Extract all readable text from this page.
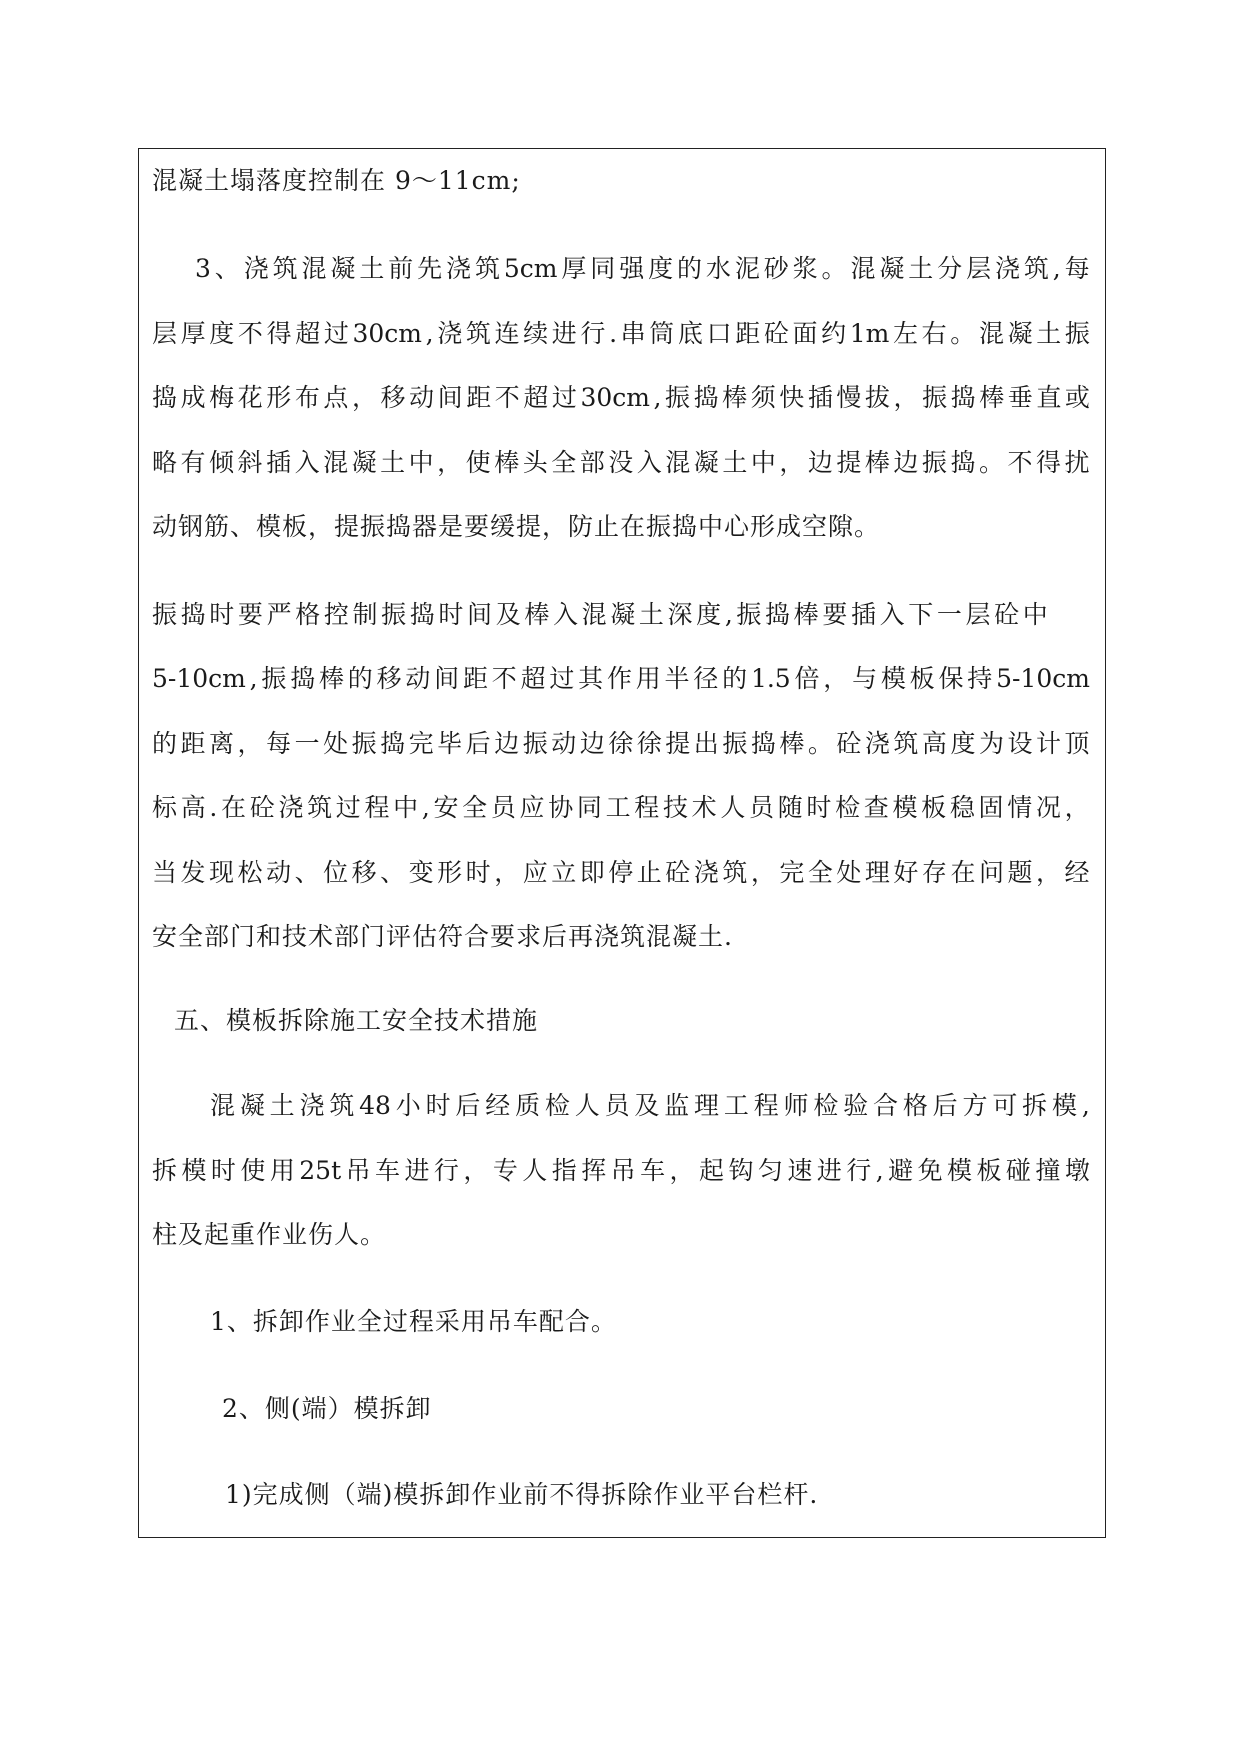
混凝土塌落度控制在 9～11cm;
3 、 浇 筑 混 凝 土 前 先 浇 筑 5cm 厚 同 强 度 的 水 泥 砂 浆 。 混 凝 土 分 层 浇 筑 , 每
层 厚 度 不 得 超 过 30cm , 浇 筑 连 续 进 行 . 串 筒 底 口 距 砼 面 约 1m 左 右 。 混 凝 土 振
捣 成 梅 花 形 布 点 ， 移 动 间 距 不 超 过 30cm , 振 捣 棒 须 快 插 慢 拔 ， 振 捣 棒 垂 直 或
略 有 倾 斜 插 入 混 凝 土 中 ， 使 棒 头 全 部 没 入 混 凝 土 中 ， 边 提 棒 边 振 捣 。 不 得 扰
动钢筋、模板，提振捣器是要缓提，防止在振捣中心形成空隙。
振 捣 时 要 严 格 控 制 振 捣 时 间 及 棒 入 混 凝 土 深 度 , 振 捣 棒 要 插 入 下 一 层 砼 中
5-10cm , 振 捣 棒 的 移 动 间 距 不 超 过 其 作 用 半 径 的 1.5 倍 ， 与 模 板 保 持 5-10cm
的 距 离 ， 每 一 处 振 捣 完 毕 后 边 振 动 边 徐 徐 提 出 振 捣 棒 。 砼 浇 筑 高 度 为 设 计 顶
标 高 . 在 砼 浇 筑 过 程 中 , 安 全 员 应 协 同 工 程 技 术 人 员 随 时 检 查 模 板 稳 固 情 况 ，
当 发 现 松 动 、 位 移 、 变 形 时 ， 应 立 即 停 止 砼 浇 筑 ， 完 全 处 理 好 存 在 问 题 ， 经
安全部门和技术部门评估符合要求后再浇筑混凝土.
五、模板拆除施工安全技术措施
混 凝 土 浇 筑 48 小 时 后 经 质 检 人 员 及 监 理 工 程 师 检 验 合 格 后 方 可 拆 模 ,
拆 模 时 使 用 25t 吊 车 进 行 ， 专 人 指 挥 吊 车 ， 起 钩 匀 速 进 行 , 避 免 模 板 碰 撞 墩
柱及起重作业伤人。
1、拆卸作业全过程采用吊车配合。
2、侧(端）模拆卸
1)完成侧（端)模拆卸作业前不得拆除作业平台栏杆.
